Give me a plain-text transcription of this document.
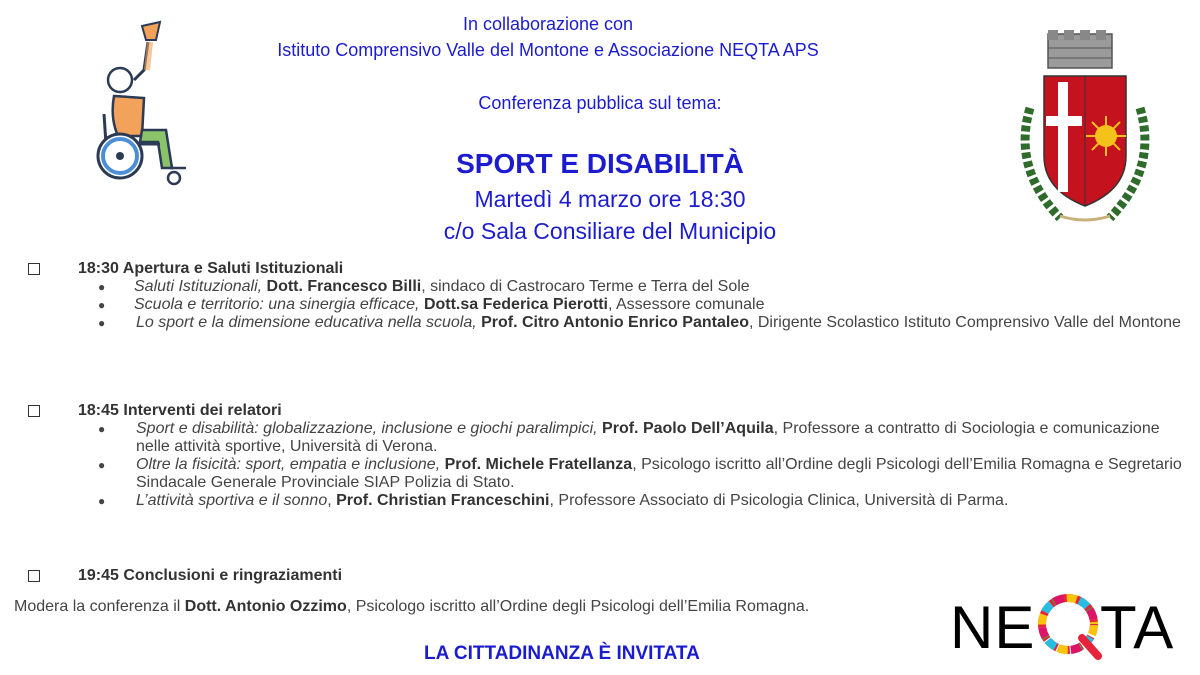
In collaborazione con
Istituto Comprensivo Valle del Montone e Associazione NEQTA APS
Conferenza pubblica sul tema:
SPORT E DISABILITÀ
Martedì 4 marzo ore 18:30
c/o Sala Consiliare del Municipio
18:30 Apertura e Saluti Istituzionali
● Saluti Istituzionali, Dott. Francesco Billi, sindaco di Castrocaro Terme e Terra del Sole
● Scuola e territorio: una sinergia efficace, Dott.sa Federica Pierotti, Assessore comunale
● Lo sport e la dimensione educativa nella scuola, Prof. Citro Antonio Enrico Pantaleo, Dirigente Scolastico Istituto Comprensivo Valle del Montone
18:45 Interventi dei relatori
● Sport e disabilità: globalizzazione, inclusione e giochi paralimpici, Prof. Paolo Dell’Aquila, Professore a contratto di Sociologia e comunicazione nelle attività sportive, Università di Verona.
● Oltre la fisicità: sport, empatia e inclusione, Prof. Michele Fratellanza, Psicologo iscritto all’Ordine degli Psicologi dell’Emilia Romagna e Segretario Sindacale Generale Provinciale SIAP Polizia di Stato.
● L’attività sportiva e il sonno, Prof. Christian Franceschini, Professore Associato di Psicologia Clinica, Università di Parma.
19:45 Conclusioni e ringraziamenti
Modera la conferenza il Dott. Antonio Ozzimo, Psicologo iscritto all’Ordine degli Psicologi dell’Emilia Romagna.
LA CITTADINANZA È INVITATA	NE TA
